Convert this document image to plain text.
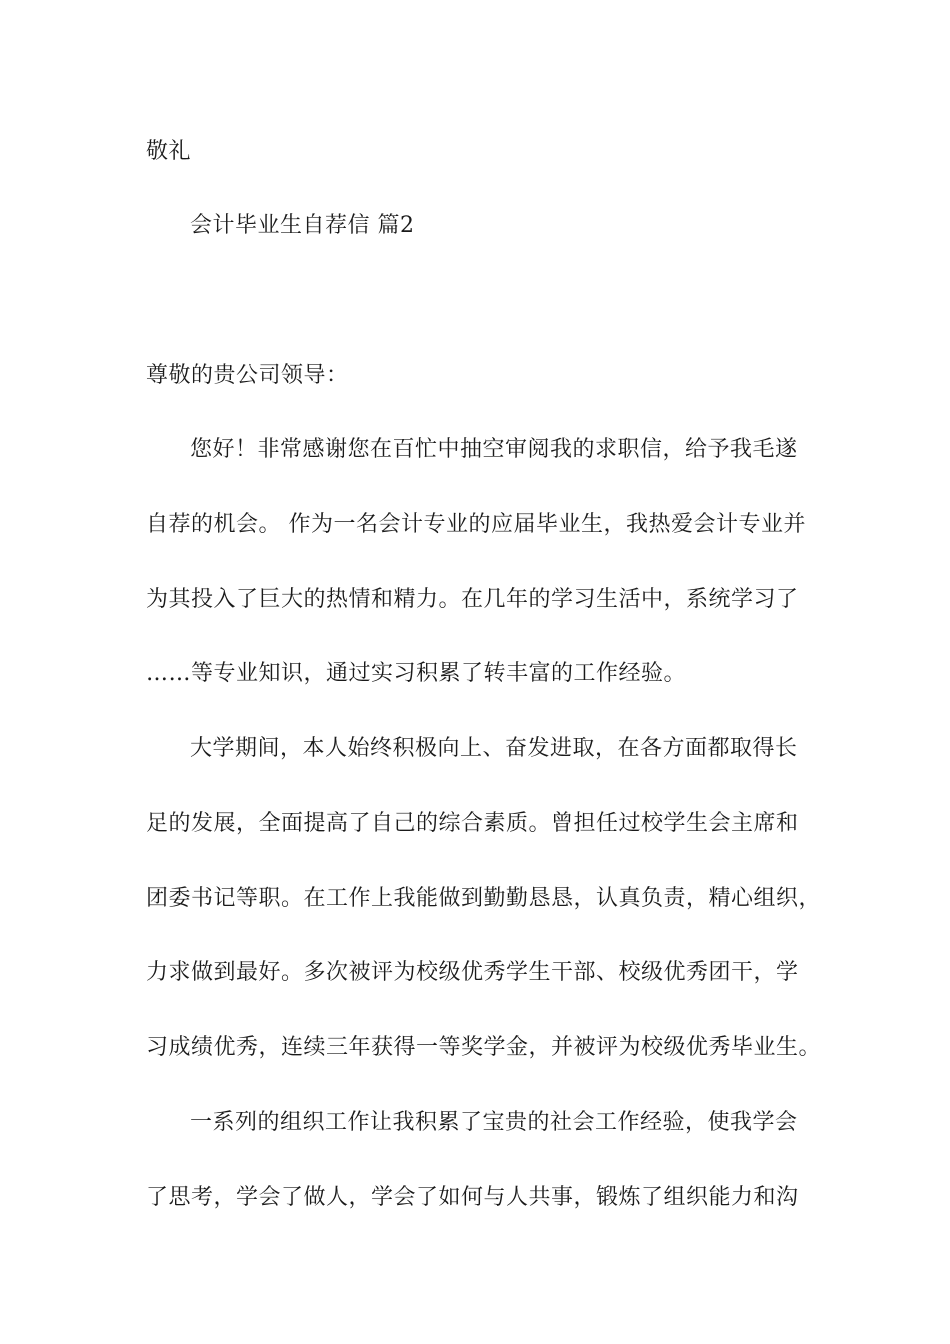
敬礼
会计毕业生自荐信 篇2
尊敬的贵公司领导：
您好！非常感谢您在百忙中抽空审阅我的求职信，给予我毛遂
自荐的机会。 作为一名会计专业的应届毕业生，我热爱会计专业并
为其投入了巨大的热情和精力。在几年的学习生活中，系统学习了
……等专业知识，通过实习积累了转丰富的工作经验。
大学期间，本人始终积极向上、奋发进取，在各方面都取得长
足的发展，全面提高了自己的综合素质。曾担任过校学生会主席和
团委书记等职。在工作上我能做到勤勤恳恳，认真负责，精心组织，
力求做到最好。多次被评为校级优秀学生干部、校级优秀团干，学
习成绩优秀，连续三年获得一等奖学金，并被评为校级优秀毕业生。
一系列的组织工作让我积累了宝贵的社会工作经验，使我学会
了思考，学会了做人，学会了如何与人共事，锻炼了组织能力和沟
